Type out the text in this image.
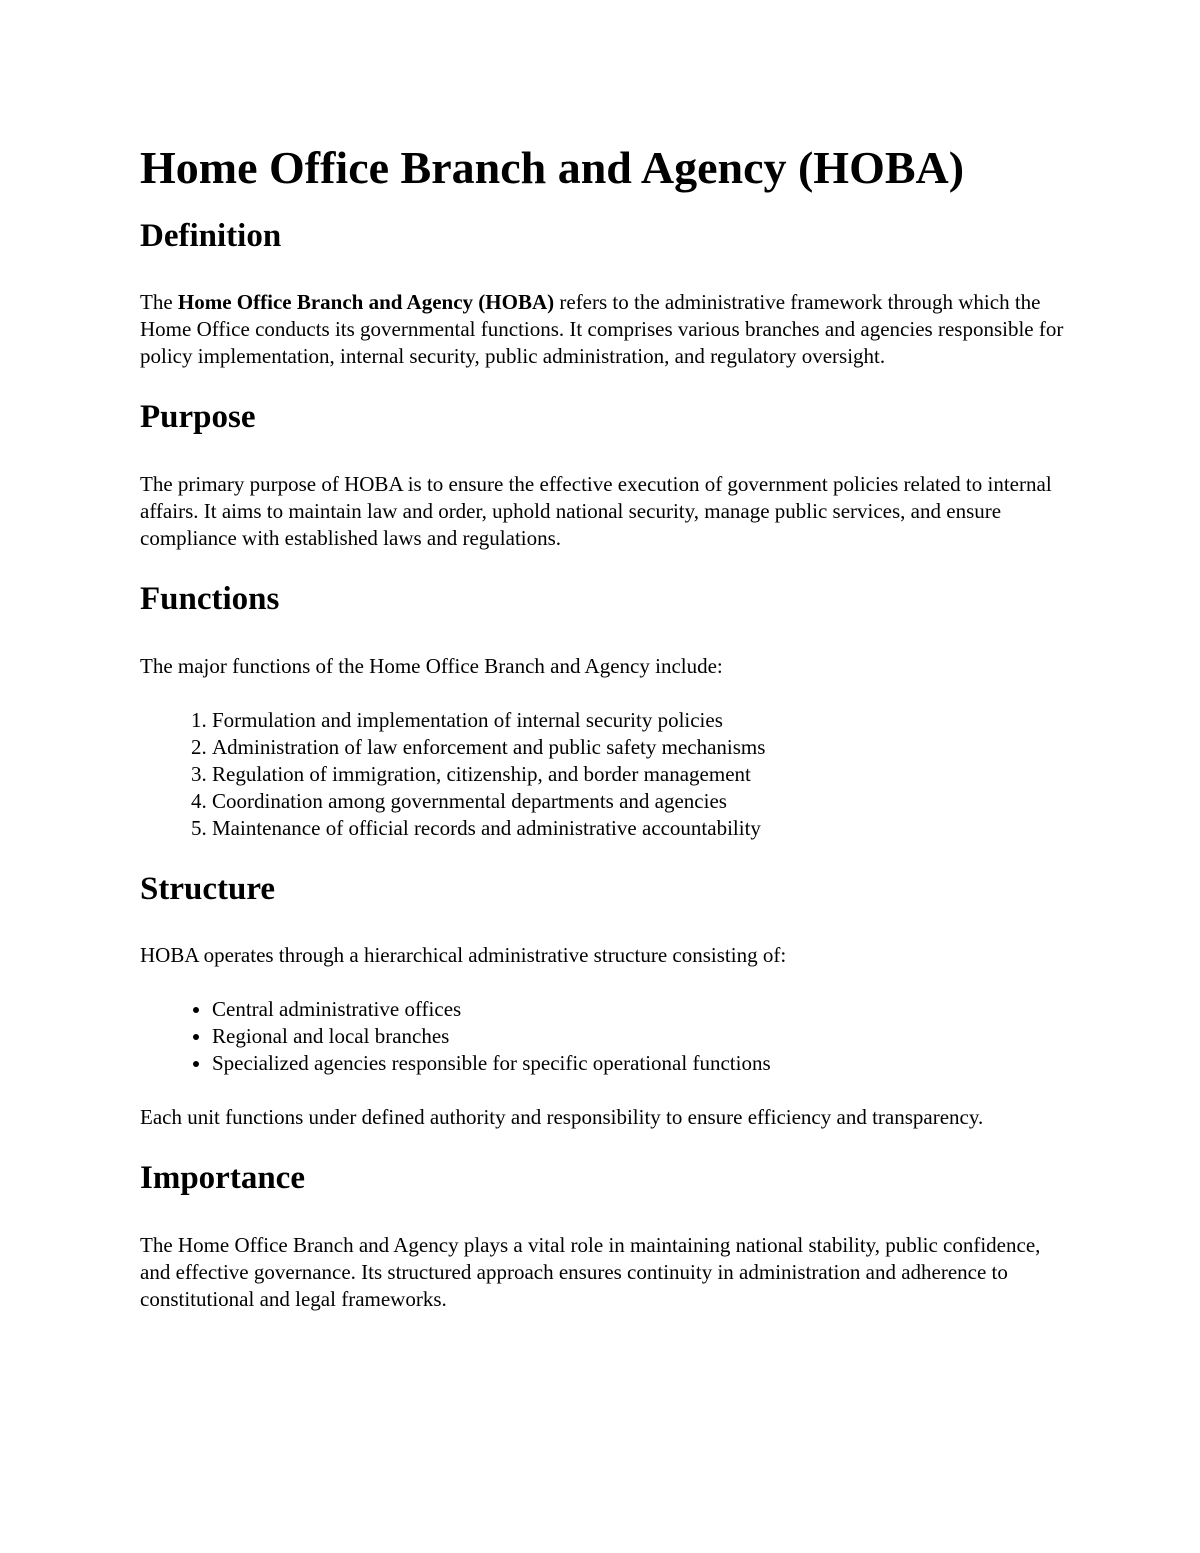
Home Office Branch and Agency (HOBA)
Definition

The Home Office Branch and Agency (HOBA) refers to the administrative framework through which the Home Office conducts its governmental functions. It comprises various branches and agencies responsible for policy implementation, internal security, public administration, and regulatory oversight.

Purpose

The primary purpose of HOBA is to ensure the effective execution of government policies related to internal affairs. It aims to maintain law and order, uphold national security, manage public services, and ensure compliance with established laws and regulations.

Functions

The major functions of the Home Office Branch and Agency include:

1. Formulation and implementation of internal security policies
2. Administration of law enforcement and public safety mechanisms
3. Regulation of immigration, citizenship, and border management
4. Coordination among governmental departments and agencies
5. Maintenance of official records and administrative accountability
Structure

HOBA operates through a hierarchical administrative structure consisting of:

• Central administrative offices
• Regional and local branches
• Specialized agencies responsible for specific operational functions

Each unit functions under defined authority and responsibility to ensure efficiency and transparency.

Importance

The Home Office Branch and Agency plays a vital role in maintaining national stability, public confidence, and effective governance. Its structured approach ensures continuity in administration and adherence to constitutional and legal frameworks.
